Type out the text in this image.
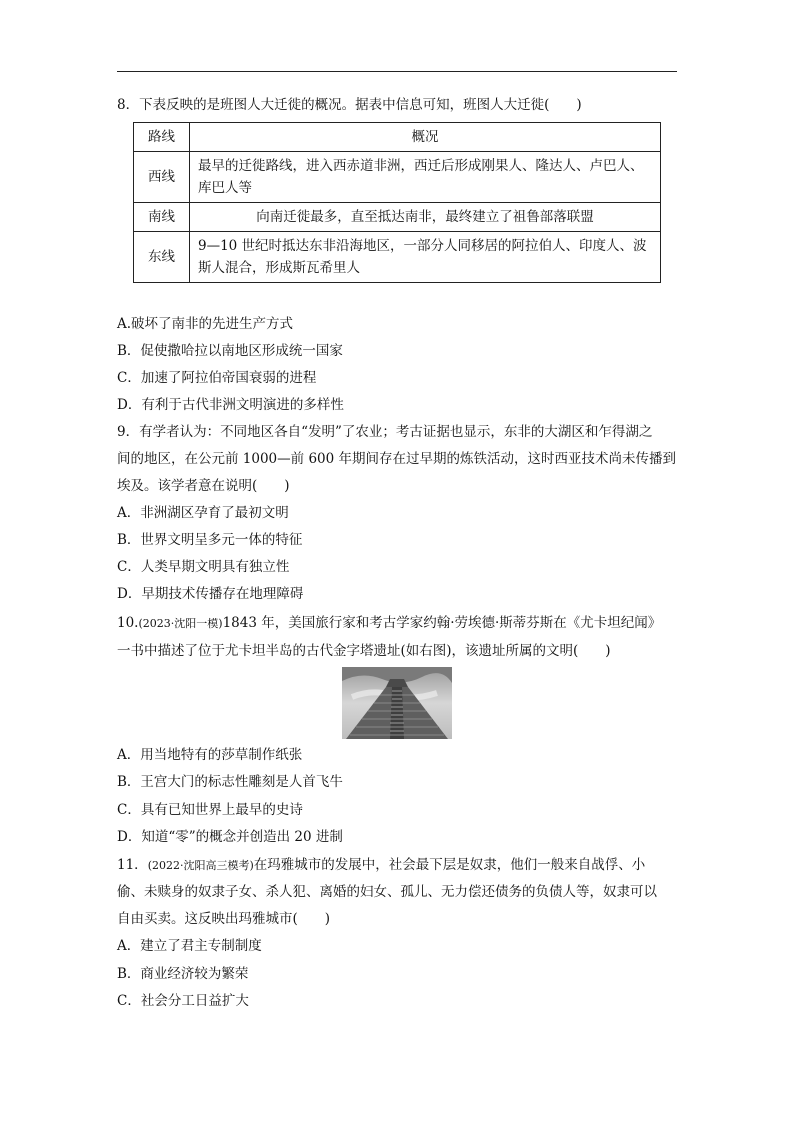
8．下表反映的是班图人大迁徙的概况。据表中信息可知，班图人大迁徙(　　)
路线	概况
西线	最早的迁徙路线，进入西赤道非洲，西迁后形成刚果人、隆达人、卢巴人、
库巴人等

南线	向南迁徙最多，直至抵达南非，最终建立了祖鲁部落联盟

东线	9—10 世纪时抵达东非沿海地区，一部分人同移居的阿拉伯人、印度人、波
斯人混合，形成斯瓦希里人
A.破坏了南非的先进生产方式
B．促使撒哈拉以南地区形成统一国家
C．加速了阿拉伯帝国衰弱的进程
D．有利于古代非洲文明演进的多样性
9．有学者认为：不同地区各自“发明”了农业；考古证据也显示，东非的大湖区和乍得湖之
间的地区，在公元前 1000—前 600 年期间存在过早期的炼铁活动，这时西亚技术尚未传播到
埃及。该学者意在说明(　　)
A．非洲湖区孕育了最初文明
B．世界文明呈多元一体的特征
C．人类早期文明具有独立性
D．早期技术传播存在地理障碍
10.(2023·沈阳一模)1843 年，美国旅行家和考古学家约翰·劳埃德·斯蒂芬斯在《尤卡坦纪闻》
一书中描述了位于尤卡坦半岛的古代金字塔遗址(如右图)，该遗址所属的文明(　　)
A．用当地特有的莎草制作纸张
B．王宫大门的标志性雕刻是人首飞牛
C．具有已知世界上最早的史诗
D．知道“零”的概念并创造出 20 进制
11．(2022·沈阳高三模考)在玛雅城市的发展中，社会最下层是奴隶，他们一般来自战俘、小
偷、未赎身的奴隶子女、杀人犯、离婚的妇女、孤儿、无力偿还债务的负债人等，奴隶可以
自由买卖。这反映出玛雅城市(　　)
A．建立了君主专制制度
B．商业经济较为繁荣
C．社会分工日益扩大
